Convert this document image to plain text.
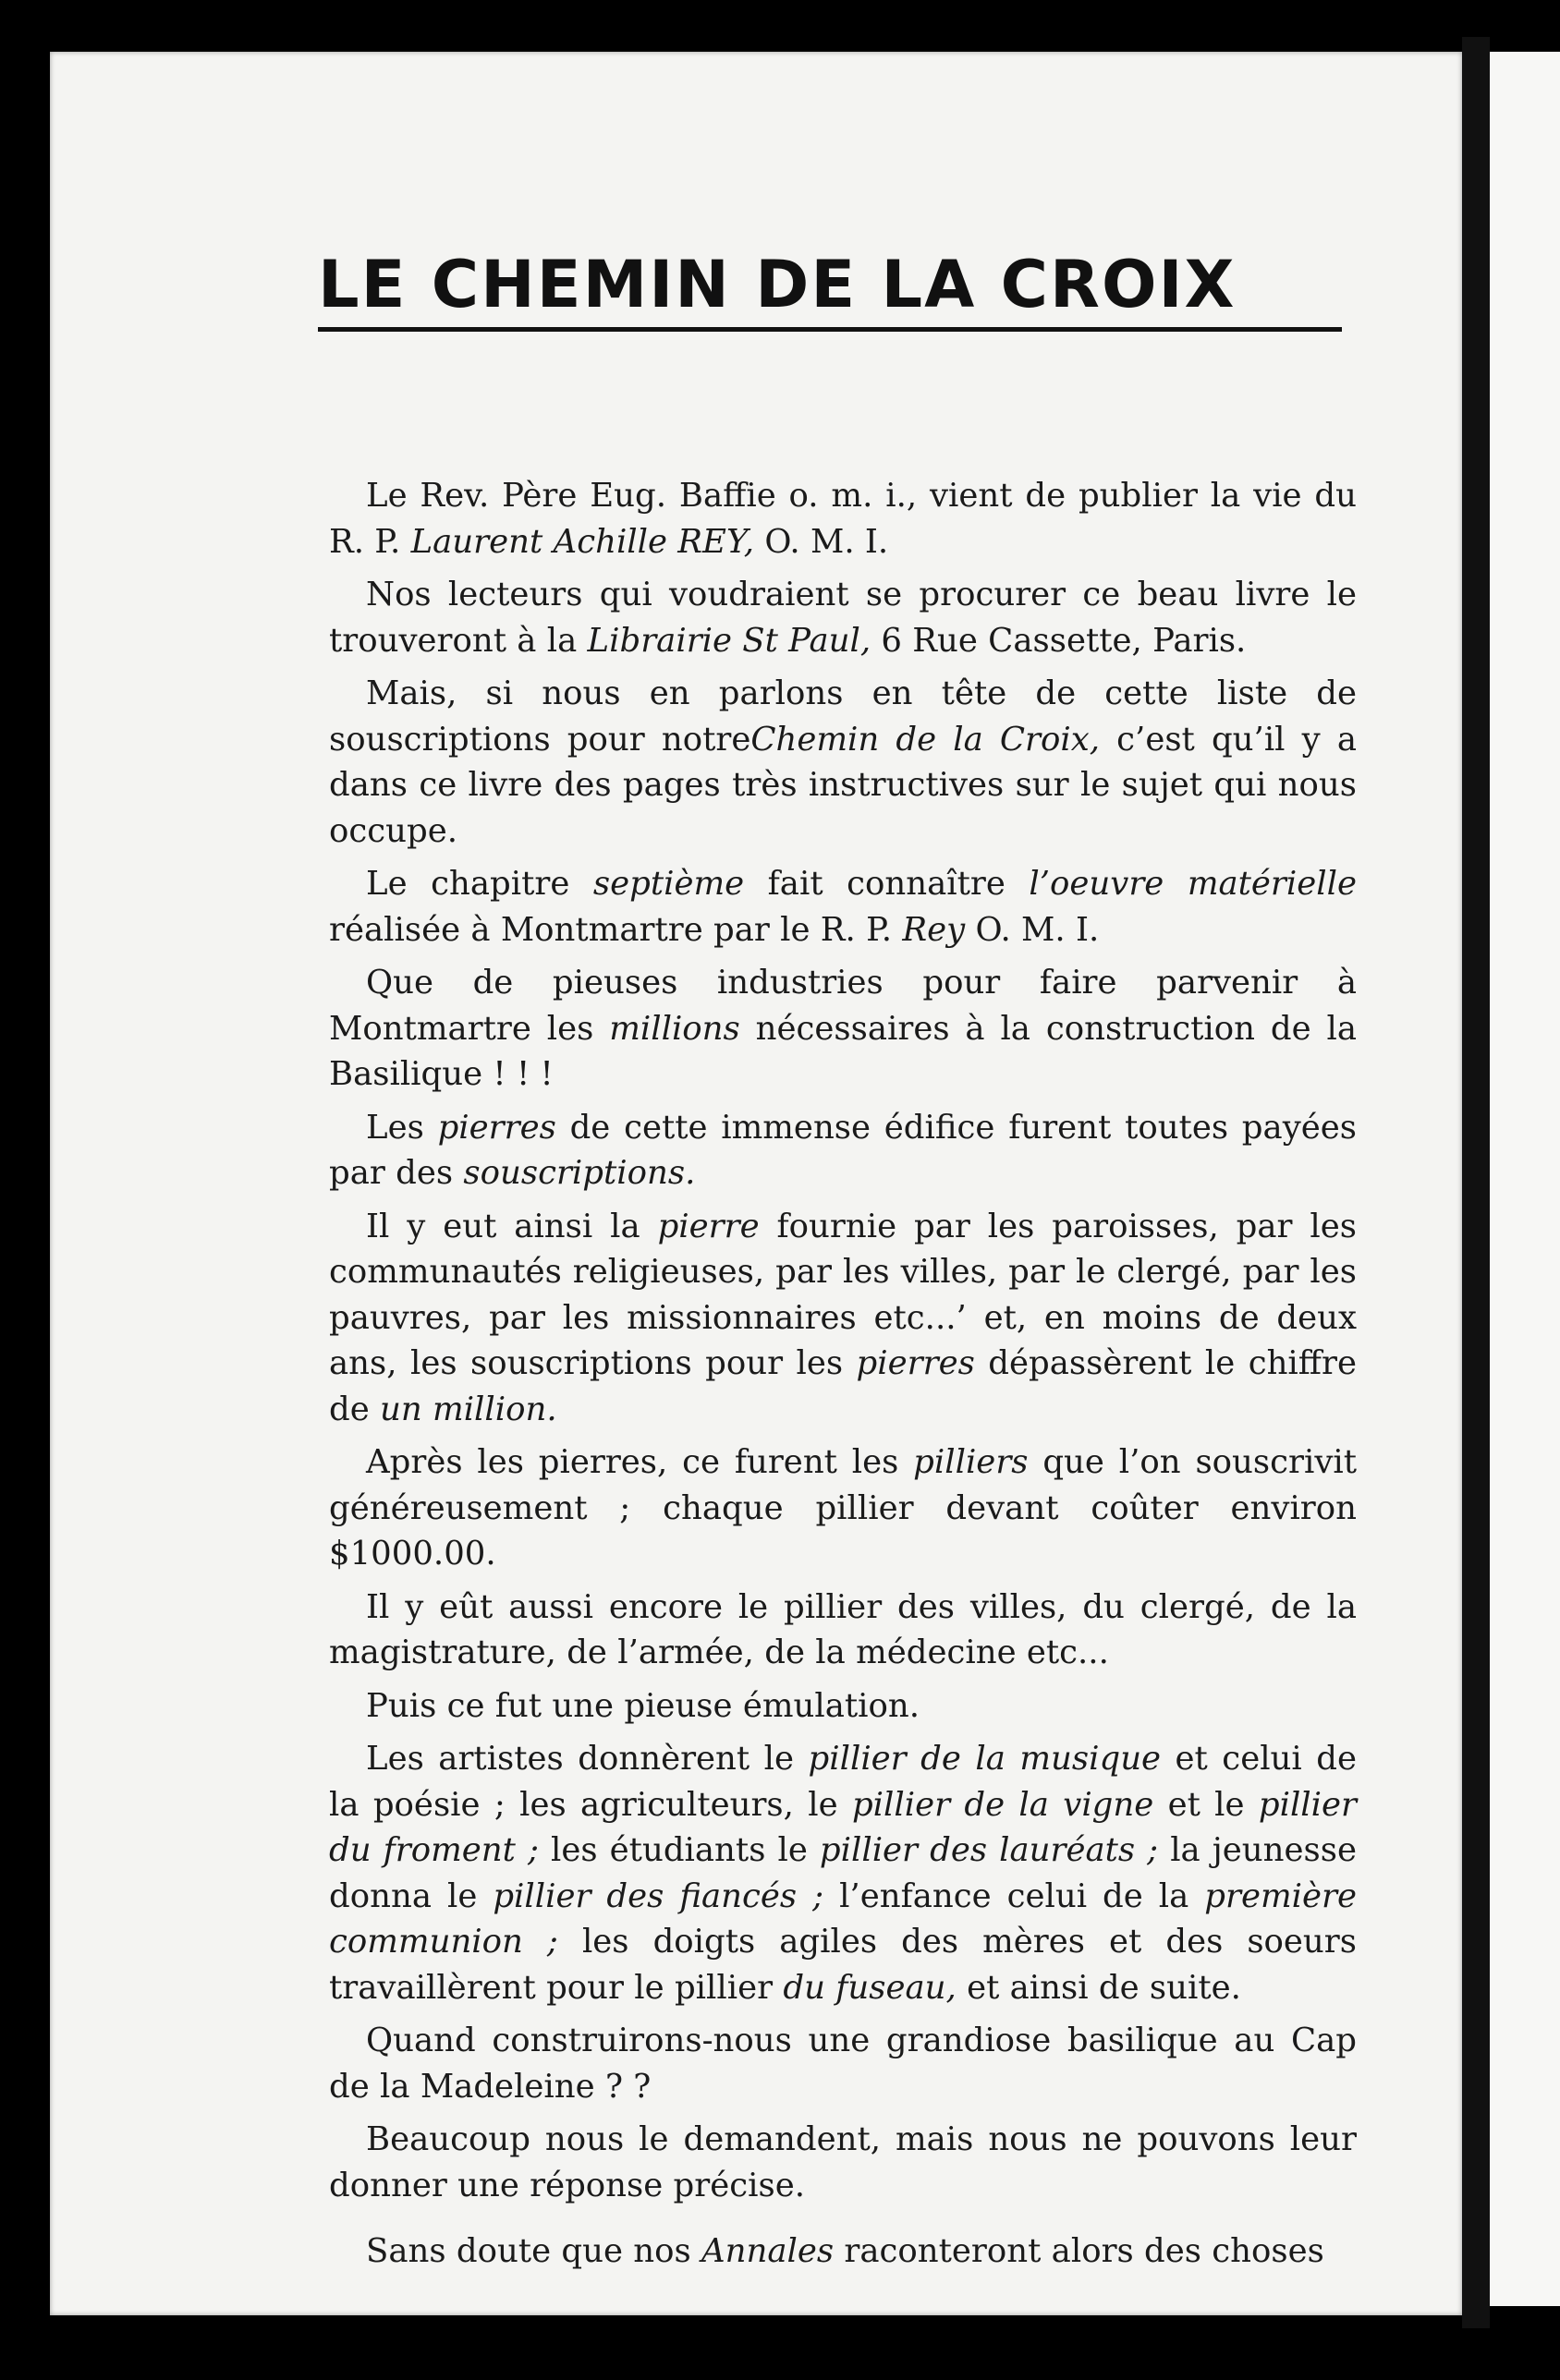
LE CHEMIN DE LA CROIX

Le Rev. Père Eug. Baffie o. m. i., vient de publier la vie du R. P. Laurent Achille REY, O. M. I.

Nos lecteurs qui voudraient se procurer ce beau livre le trouveront à la Librairie St Paul, 6 Rue Cassette, Paris.

Mais, si nous en parlons en tête de cette liste de souscriptions pour notreChemin de la Croix, c’est qu’il y a dans ce livre des pages très instructives sur le sujet qui nous occupe.

Le chapitre septième fait connaître l’oeuvre matérielle réalisée à Montmartre par le R. P. Rey O. M. I.

Que de pieuses industries pour faire parvenir à Montmartre les millions nécessaires à la construction de la Basilique ! ! !

Les pierres de cette immense édifice furent toutes payées par des souscriptions.

Il y eut ainsi la pierre fournie par les paroisses, par les communautés religieuses, par les villes, par le clergé, par les pauvres, par les missionnaires etc...’ et, en moins de deux ans, les souscriptions pour les pierres dépassèrent le chiffre de un million.

Après les pierres, ce furent les pilliers que l’on souscrivit généreusement ; chaque pillier devant coûter environ $1000.00.

Il y eût aussi encore le pillier des villes, du clergé, de la magistrature, de l’armée, de la médecine etc...

Puis ce fut une pieuse émulation.

Les artistes donnèrent le pillier de la musique et celui de la poésie ; les agriculteurs, le pillier de la vigne et le pillier du froment ; les étudiants le pillier des lauréats ; la jeunesse donna le pillier des fiancés ; l’enfance celui de la première communion ; les doigts agiles des mères et des soeurs travaillèrent pour le pillier du fuseau, et ainsi de suite.

Quand construirons-nous une grandiose basilique au Cap de la Madeleine ? ?

Beaucoup nous le demandent, mais nous ne pouvons leur donner une réponse précise.

Sans doute que nos Annales raconteront alors des choses
